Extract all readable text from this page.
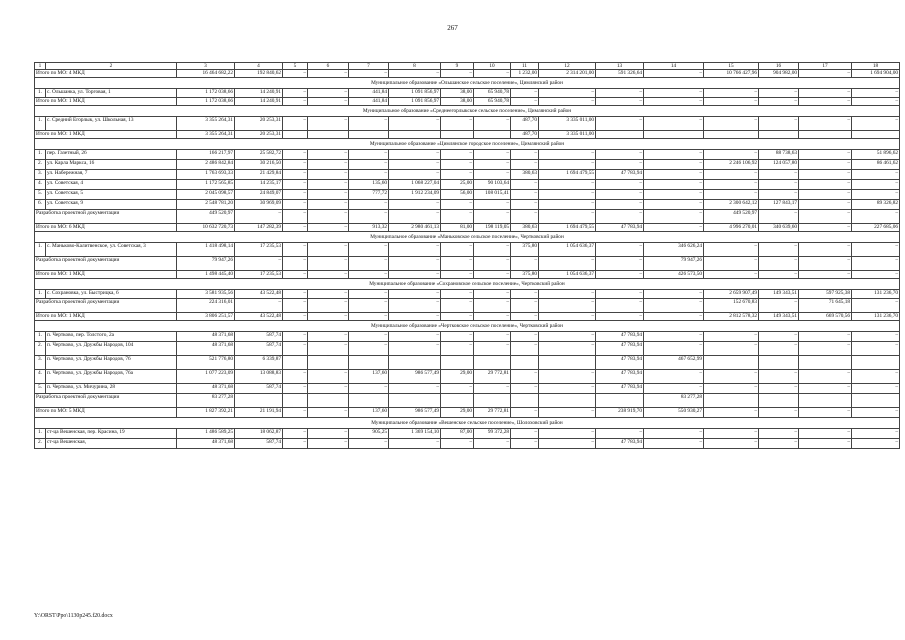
267
1	2	3	4	5	6	7	8	9	10	11	12	13	14	15	16	17	18
Итого по МО: 4 МКД		16 464 682,22	192 840,62	–	–	–	–	–	–	1 232,00	2 314 201,00	591 326,64	–	10 766 427,96	904 982,00	–	1 694 904,00
Муниципальное образование «Ольшанское сельское поселение», Цимлянский район																	
1.	с. Ольшанка, ул. Торговая, 1	1 172 038,66	14 240,91	–	–	441,84	1 091 856,97	38,00	65 940,78	–	–	–	–	–	–	–	–
Итого по МО: 1 МКД		1 172 038,66	14 240,91	–	–	441,84	1 091 856,97	38,00	65 940,78	–	–	–	–	–	–	–	–
Муниципальное образование «Среднеегорлыкское сельское поселение», Цимлянский район																	
1.	с. Средний Егорлык, ул. Школьная, 13	3 355 264,31	20 253,31	–	–	–	–	–	–	487,70	3 335 011,00	–	–	–	–	–	–
Итого по МО: 1 МКД		3 355 264,31	20 253,31							487,70	3 335 011,00						
Муниципальное образование «Цимлянское городское поселение», Цимлянский район																	
1.	пер. Газетный, 26	166 217,97	25 582,72	–	–	–	–	–	–	–	–	–	–	–	88 738,63	–	51 896,62
2.	ул. Карла Маркса, 16	2 486 842,84	30 216,50	–	–	–	–	–	–	–	–	–	–	2 246 106,92	124 057,80	–	86 461,62
3.	ул. Набережная, 7	1 763 693,33	21 429,84	–	–	–	–	–	–	380,63	1 694 479,55	47 783,94	–	–	–	–	–
4.	ул. Советская, 4	1 172 565,85	14 235,17	–	–	135,60	1 068 227,04	25,00	90 103,64	–	–	–	–	–	–	–	–
5.	ул. Советская, 5	2 045 098,57	24 849,07	–	–	777,72	1 912 234,09	56,00	108 015,41	–	–	–	–	–	–	–	–
6.	ул. Советская, 9	2 548 781,20	30 969,09	–	–	–	–	–	–	–	–	–	–	2 300 642,12	127 843,17	–	89 326,82
Разработка проектной документации		449 520,97	–	–	–	–	–	–	–	–	–	–	–	449 520,97	–	–	–
Итого по МО: 6 МКД		10 632 720,73	147 282,39	–	–	913,32	2 980 461,13	81,00	198 119,05	380,63	1 694 479,55	47 783,94	–	4 996 270,01	340 639,60	–	227 685,06
Муниципальное образование «Маньковское сельское поселение», Чертковский район																	
1.	с. Маньково-Калитвенское, ул. Советская, 3	1 418 498,14	17 235,53	–	–	–	–	–	–	375,80	1 054 636,37	–	346 626,24	–	–	–	–
Разработка проектной документации		79 947,26	–	–	–	–	–	–	–	–	–	–	79 947,26	–	–	–	–
Итого по МО: 1 МКД		1 498 445,40	17 235,53	–	–	–	–	–	–	375,80	1 054 636,37	–	426 573,50	–	–	–	–
Муниципальное образование «Сохрановское сельское поселение», Чертковский район																	
1.	с. Сохрановка, ул. Быстрицка, 6	3 581 935,56	43 522,48	–	–	–	–	–	–	–	–	–	–	2 659 907,49	149 343,51	597 925,38	131 236,70
Разработка проектной документации		224 316,01	–	–	–	–	–	–	–	–	–	–	–	152 670,83	–	71 645,18	–
Итого по МО: 1 МКД		3 806 251,57	43 522,48	–	–	–	–	–	–	–	–	–	–	2 812 578,32	149 343,51	669 570,56	131 236,70
Муниципальное образование «Чертковское сельское поселение», Чертковский район																	
1.	п. Чертково, пер. Толстого, 2а	48 371,68	587,74	–	–	–	–	–	–	–	–	47 783,94	–	–	–	–	–
2.	п. Чертково, ул. Дружбы Народов, 104	48 371,68	587,74	–	–	–	–	–	–	–	–	47 783,94	–	–	–	–	–
3.	п. Чертково, ул. Дружбы Народов, 76	521 776,80	6 339,87									47 783,94	467 652,99				
4.	п. Чертково, ул. Дружбы Народов, 76а	1 077 223,09	13 088,83	–	–	137,60	986 577,49	29,00	29 772,81	–	–	47 783,94	–	–	–	–	–
5.	п. Чертково, ул. Мичурина, 28	48 371,68	587,74	–	–	–	–	–	–	–	–	47 783,94	–	–	–	–	–
Разработка проектной документации		83 277,28											83 277,28				
Итого по МО: 5 МКД		1 827 392,21	21 191,94	–	–	137,60	986 577,49	29,00	29 772,81	–	–	238 919,70	550 930,27	–	–	–	–
Муниципальное образование «Вешенское сельское поселение», Шолоховский район																	
1.	ст-ца Вешенская, пер. Красина, 19	1 486 589,25	18 062,87	–	–	905,25	1 369 154,10	87,00	99 372,28	–	–	–	–	–	–	–	–
2.	ст-ца Вешенская,	48 371,68	587,74	–	–	–	–	–	–	–	–	47 783,94	–	–	–	–	–
Y:\ORST\Ppo\1130p245.f20.docx
